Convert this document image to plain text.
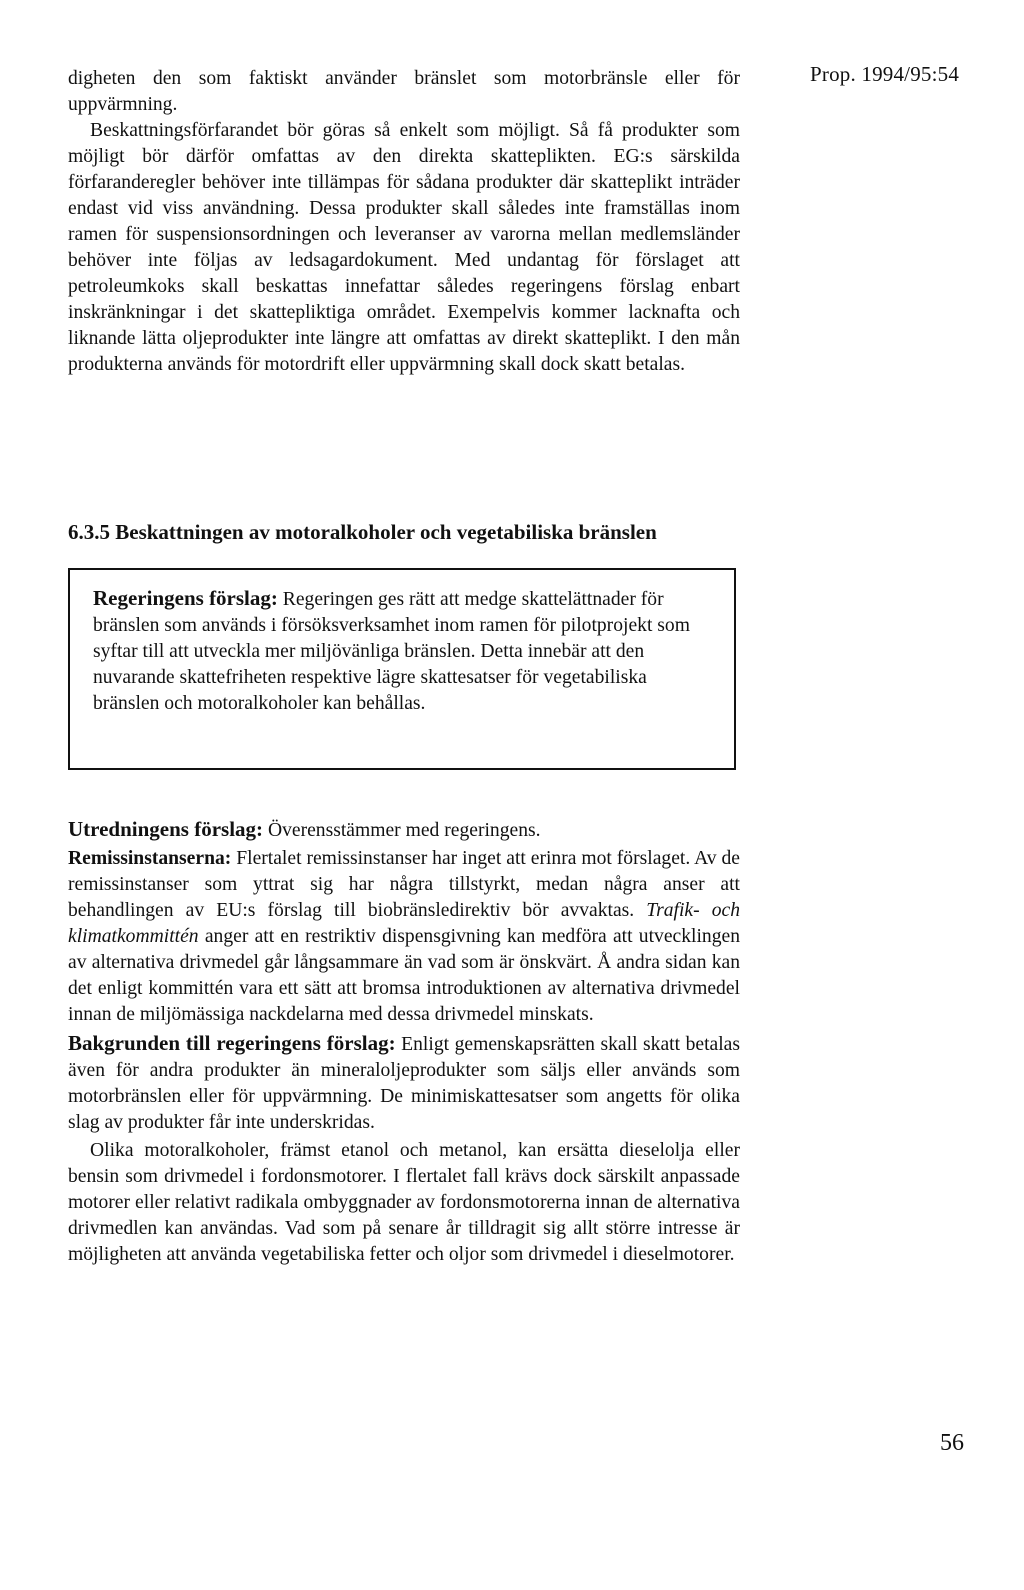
Prop. 1994/95:54

digheten den som faktiskt använder bränslet som motorbränsle eller för uppvärmning.

Beskattningsförfarandet bör göras så enkelt som möjligt. Så få produkter som möjligt bör därför omfattas av den direkta skatteplikten. EG:s särskilda förfaranderegler behöver inte tillämpas för sådana produkter där skatteplikt inträder endast vid viss användning. Dessa produkter skall således inte framställas inom ramen för suspensionsordningen och leveranser av varorna mellan medlemsländer behöver inte följas av ledsagardokument. Med undantag för förslaget att petroleumkoks skall beskattas innefattar således regeringens förslag enbart inskränkningar i det skattepliktiga området. Exempelvis kommer lacknafta och liknande lätta oljeprodukter inte längre att omfattas av direkt skatteplikt. I den mån produkterna används för motordrift eller uppvärmning skall dock skatt betalas.

6.3.5 Beskattningen av motoralkoholer och vegetabiliska bränslen
Regeringens förslag: Regeringen ges rätt att medge skattelättnader för bränslen som används i försöksverksamhet inom ramen för pilotprojekt som syftar till att utveckla mer miljövänliga bränslen. Detta innebär att den nuvarande skattefriheten respektive lägre skattesatser för vegetabiliska bränslen och motoralkoholer kan behållas.

Utredningens förslag: Överensstämmer med regeringens.

Remissinstanserna: Flertalet remissinstanser har inget att erinra mot förslaget. Av de remissinstanser som yttrat sig har några tillstyrkt, medan några anser att behandlingen av EU:s förslag till biobränsledirektiv bör avvaktas. Trafik- och klimatkommittén anger att en restriktiv dispensgivning kan medföra att utvecklingen av alternativa drivmedel går långsammare än vad som är önskvärt. Å andra sidan kan det enligt kommittén vara ett sätt att bromsa introduktionen av alternativa drivmedel innan de miljömässiga nackdelarna med dessa drivmedel minskats.

Bakgrunden till regeringens förslag: Enligt gemenskapsrätten skall skatt betalas även för andra produkter än mineraloljeprodukter som säljs eller används som motorbränslen eller för uppvärmning. De minimiskattesatser som angetts för olika slag av produkter får inte underskridas.

Olika motoralkoholer, främst etanol och metanol, kan ersätta dieselolja eller bensin som drivmedel i fordonsmotorer. I flertalet fall krävs dock särskilt anpassade motorer eller relativt radikala ombyggnader av fordonsmotorerna innan de alternativa drivmedlen kan användas. Vad som på senare år tilldragit sig allt större intresse är möjligheten att använda vegetabiliska fetter och oljor som drivmedel i dieselmotorer.

56
